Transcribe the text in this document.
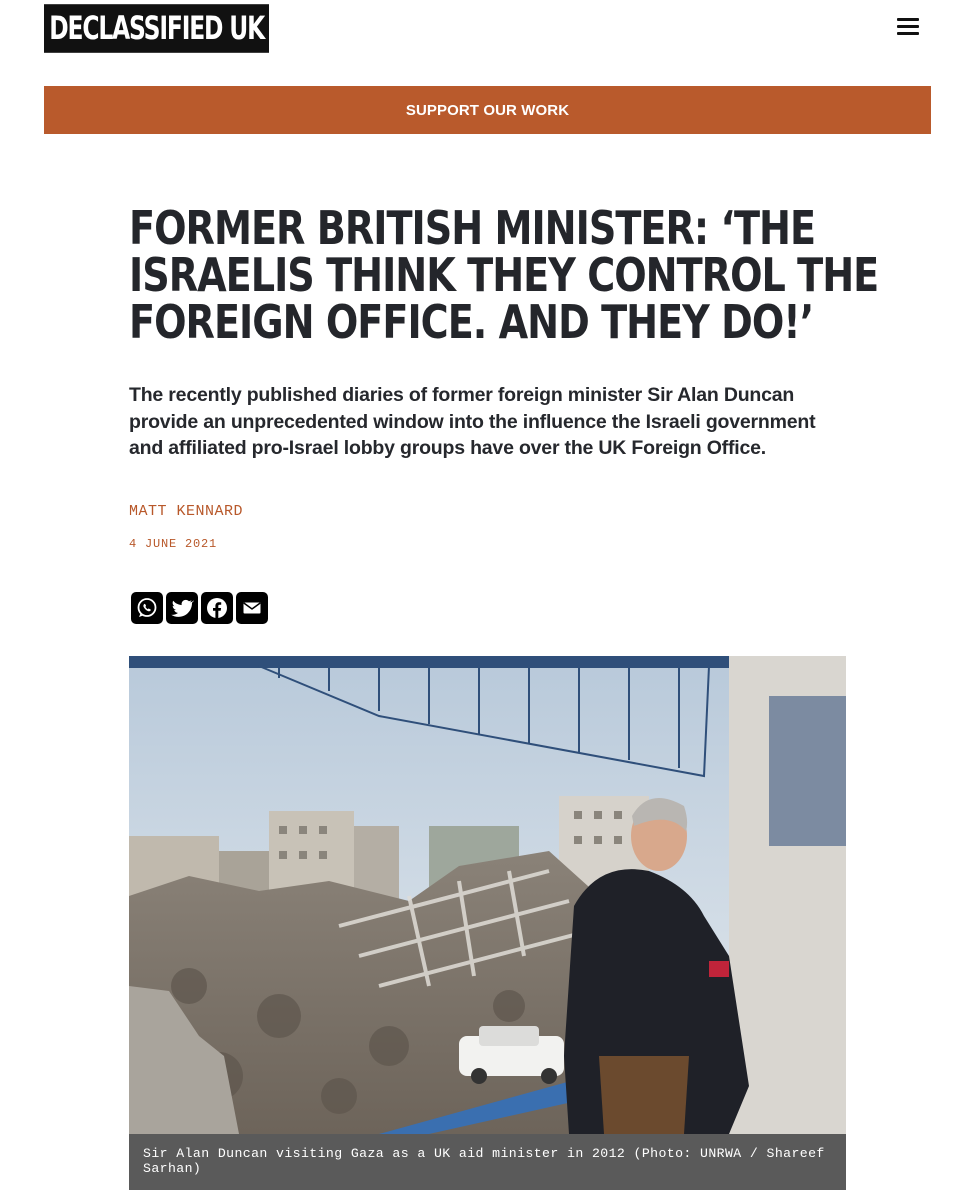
DECLASSIFIED UK
SUPPORT OUR WORK
FORMER BRITISH MINISTER: ‘THE
ISRAELIS THINK THEY CONTROL THE
FOREIGN OFFICE. AND THEY DO!’

The recently published diaries of former foreign minister Sir Alan Duncan provide an unprecedented window into the influence the Israeli government and affiliated pro-Israel lobby groups have over the UK Foreign Office.

MATT KENNARD
4 JUNE 2021
Sir Alan Duncan visiting Gaza as a UK aid minister in 2012 (Photo: UNRWA / Shareef Sarhan)
